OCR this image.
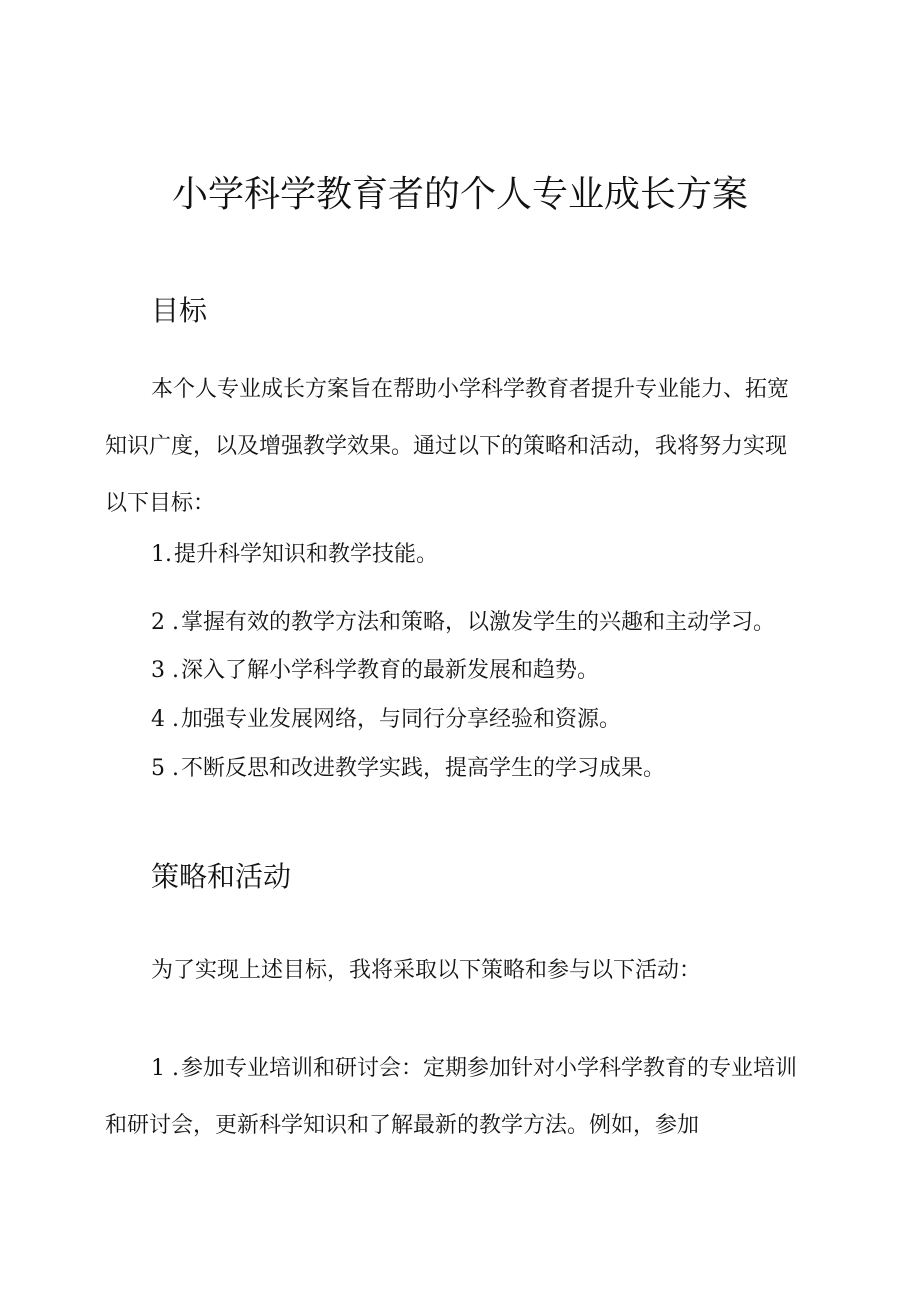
小学科学教育者的个人专业成长方案
目标

本个人专业成长方案旨在帮助小学科学教育者提升专业能力、拓宽知识广度，以及增强教学效果。通过以下的策略和活动，我将努力实现以下目标：

1.提升科学知识和教学技能。

2 .掌握有效的教学方法和策略，以激发学生的兴趣和主动学习。

3 .深入了解小学科学教育的最新发展和趋势。

4 .加强专业发展网络，与同行分享经验和资源。

5 .不断反思和改进教学实践，提高学生的学习成果。

策略和活动

为了实现上述目标，我将采取以下策略和参与以下活动：

1 .参加专业培训和研讨会：定期参加针对小学科学教育的专业培训和研讨会，更新科学知识和了解最新的教学方法。例如，参加
